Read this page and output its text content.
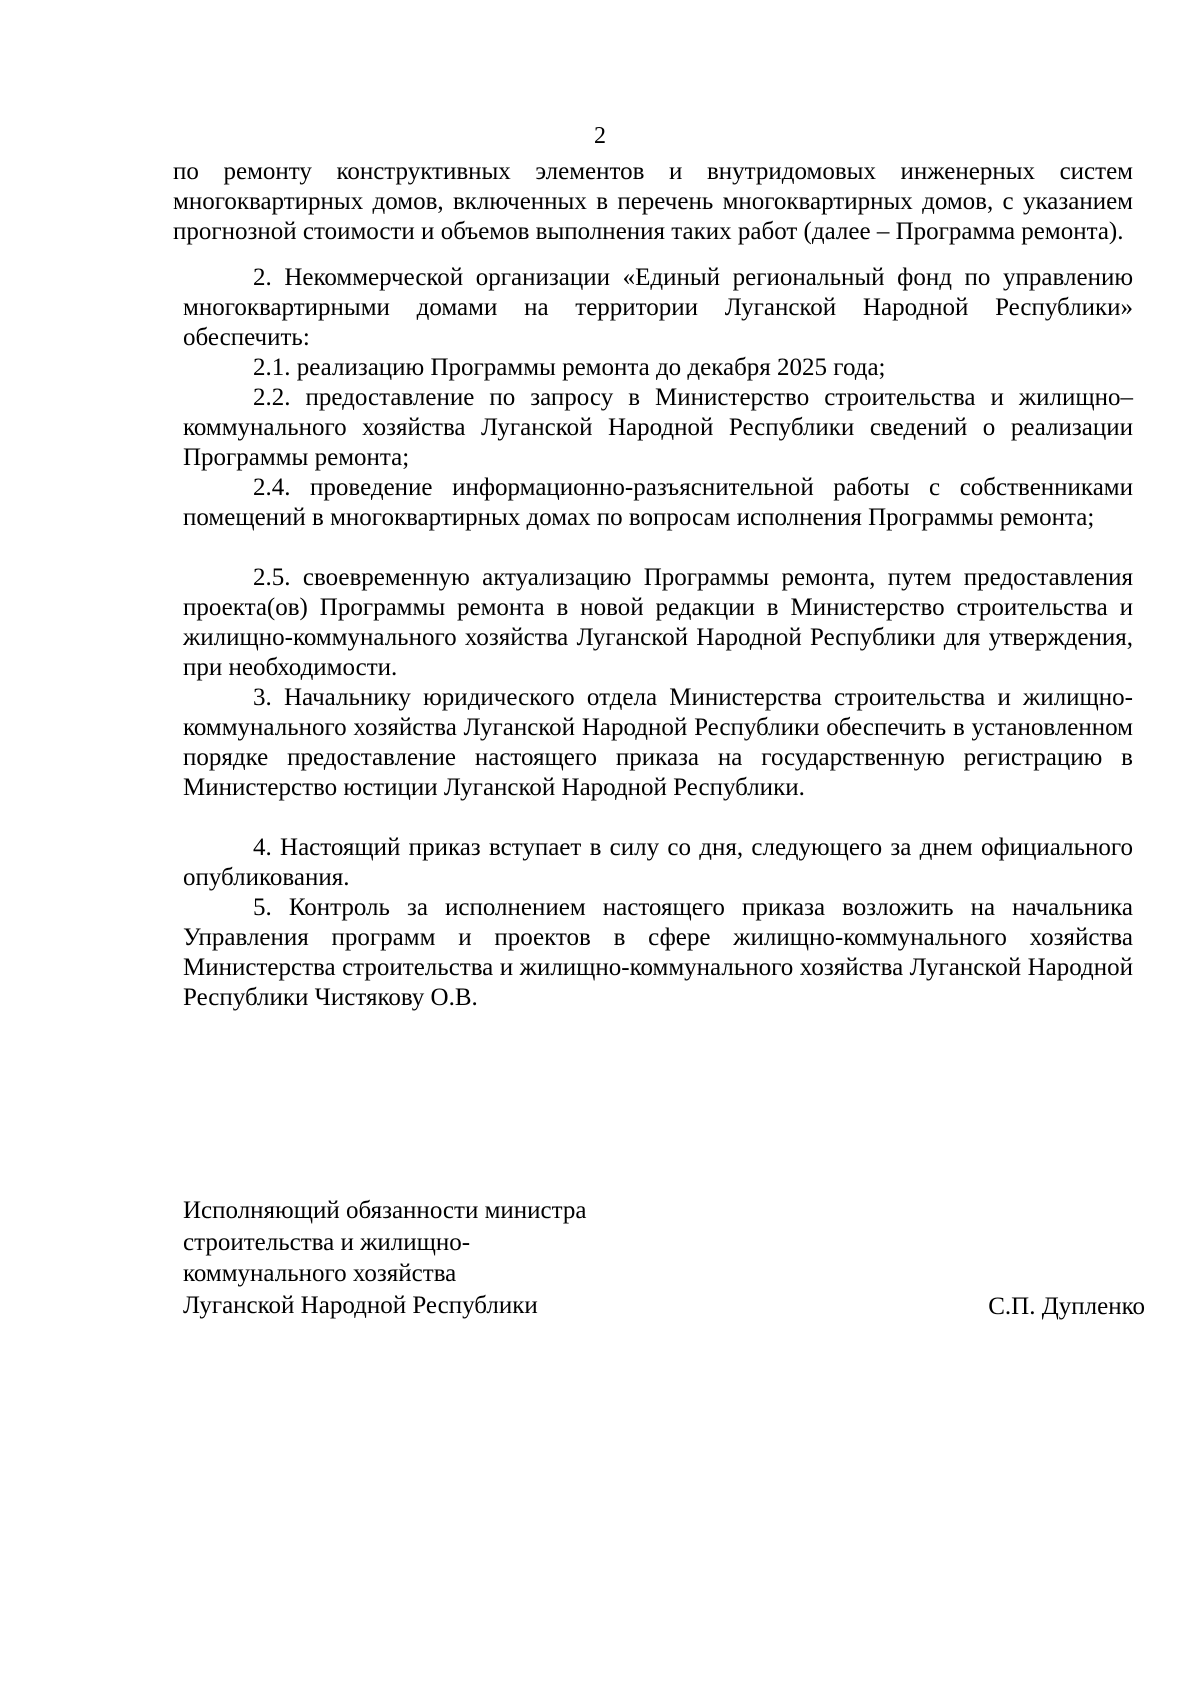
2
по ремонту конструктивных элементов и внутридомовых инженерных систем многоквартирных домов, включенных в перечень многоквартирных домов, с указанием прогнозной стоимости и объемов выполнения таких работ (далее – Программа ремонта).
2. Некоммерческой организации «Единый региональный фонд по управлению многоквартирными домами на территории Луганской Народной Республики» обеспечить:
2.1. реализацию Программы ремонта до декабря 2025 года;
2.2. предоставление по запросу в Министерство строительства и жилищно–коммунального хозяйства Луганской Народной Республики сведений о реализации Программы ремонта;
2.4. проведение информационно-разъяснительной работы с собственниками помещений в многоквартирных домах по вопросам исполнения Программы ремонта;
2.5. своевременную актуализацию Программы ремонта, путем предоставления проекта(ов) Программы ремонта в новой редакции в Министерство строительства и жилищно-коммунального хозяйства Луганской Народной Республики для утверждения, при необходимости.
3. Начальнику юридического отдела Министерства строительства и жилищно-коммунального хозяйства Луганской Народной Республики обеспечить в установленном порядке предоставление настоящего приказа на государственную регистрацию в Министерство юстиции Луганской Народной Республики.
4. Настоящий приказ вступает в силу со дня, следующего за днем официального опубликования.
5. Контроль за исполнением настоящего приказа возложить на начальника Управления программ и проектов в сфере жилищно-коммунального хозяйства Министерства строительства и жилищно-коммунального хозяйства Луганской Народной Республики Чистякову О.В.
Исполняющий обязанности министра
строительства и жилищно-
коммунального хозяйства
Луганской Народной Республики	С.П. Дупленко
